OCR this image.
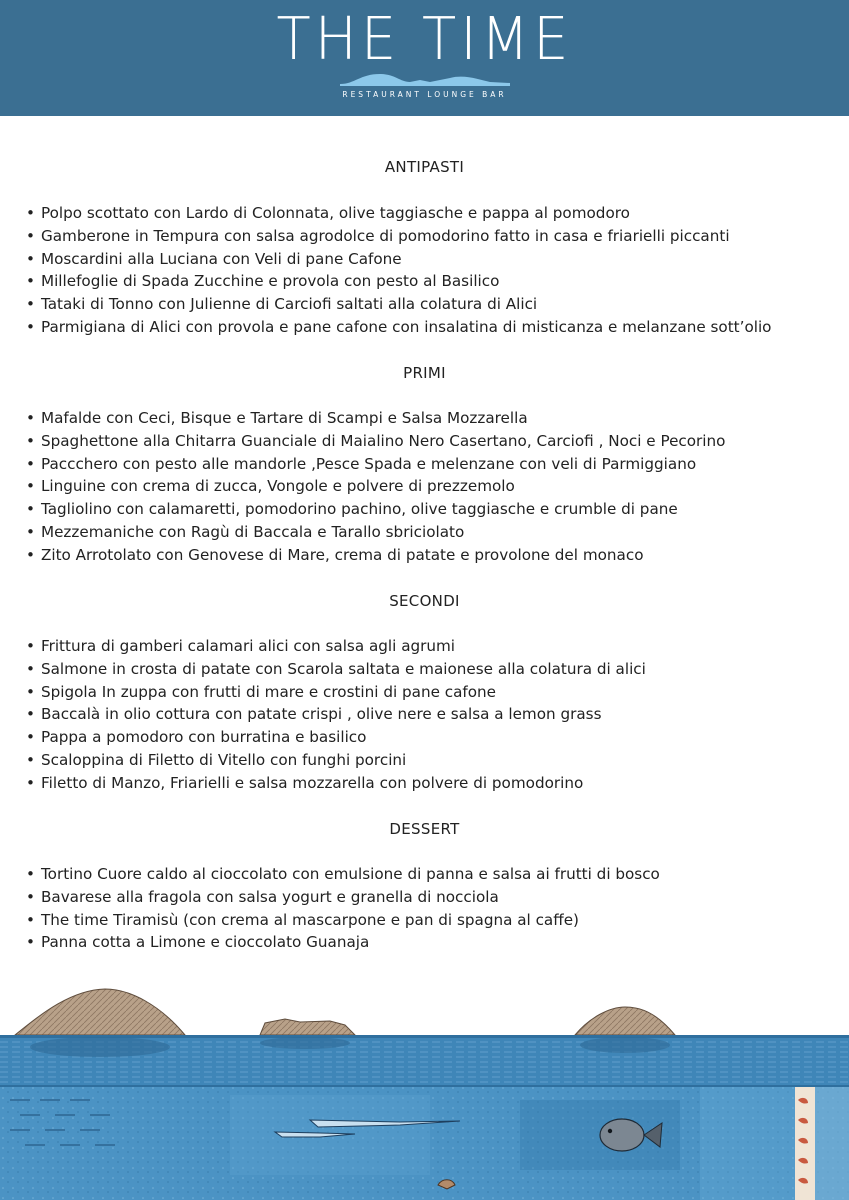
THE TIME
RESTAURANT LOUNGE BAR
ANTIPASTI
• Polpo scottato con Lardo di Colonnata, olive taggiasche e pappa al pomodoro
• Gamberone in Tempura con salsa agrodolce di pomodorino fatto in casa e friarielli piccanti
• Moscardini alla Luciana con Veli di pane Cafone
• Millefoglie di Spada Zucchine e provola con pesto al Basilico
• Tataki di Tonno con Julienne di Carciofi saltati alla colatura di Alici
• Parmigiana di Alici con provola e pane cafone con insalatina di misticanza e melanzane sott’olio
PRIMI
• Mafalde con Ceci, Bisque e Tartare di Scampi e Salsa Mozzarella
• Spaghettone alla Chitarra Guanciale di Maialino Nero Casertano, Carciofi , Noci e Pecorino
• Paccchero con pesto alle mandorle ,Pesce Spada e melenzane con veli di Parmiggiano
• Linguine con crema di zucca, Vongole e polvere di prezzemolo
• Tagliolino con calamaretti, pomodorino pachino, olive taggiasche e crumble di pane
• Mezzemaniche con Ragù di Baccala e Tarallo sbriciolato
• Zito Arrotolato con Genovese di Mare, crema di patate e provolone del monaco
SECONDI
• Frittura di gamberi calamari alici con salsa agli agrumi
• Salmone in crosta di patate con Scarola saltata e maionese alla colatura di alici
• Spigola In zuppa con frutti di mare e crostini di pane cafone
• Baccalà in olio cottura con patate crispi , olive nere e salsa a lemon grass
• Pappa a pomodoro con burratina e basilico
• Scaloppina di Filetto di Vitello con funghi porcini
• Filetto di Manzo, Friarielli e salsa mozzarella con polvere di pomodorino
DESSERT
• Tortino Cuore caldo al cioccolato con emulsione di panna e salsa ai frutti di bosco
• Bavarese alla fragola con salsa yogurt e granella di nocciola
• The time Tiramisù (con crema al mascarpone e pan di spagna al caffe)
• Panna cotta a Limone e cioccolato Guanaja
